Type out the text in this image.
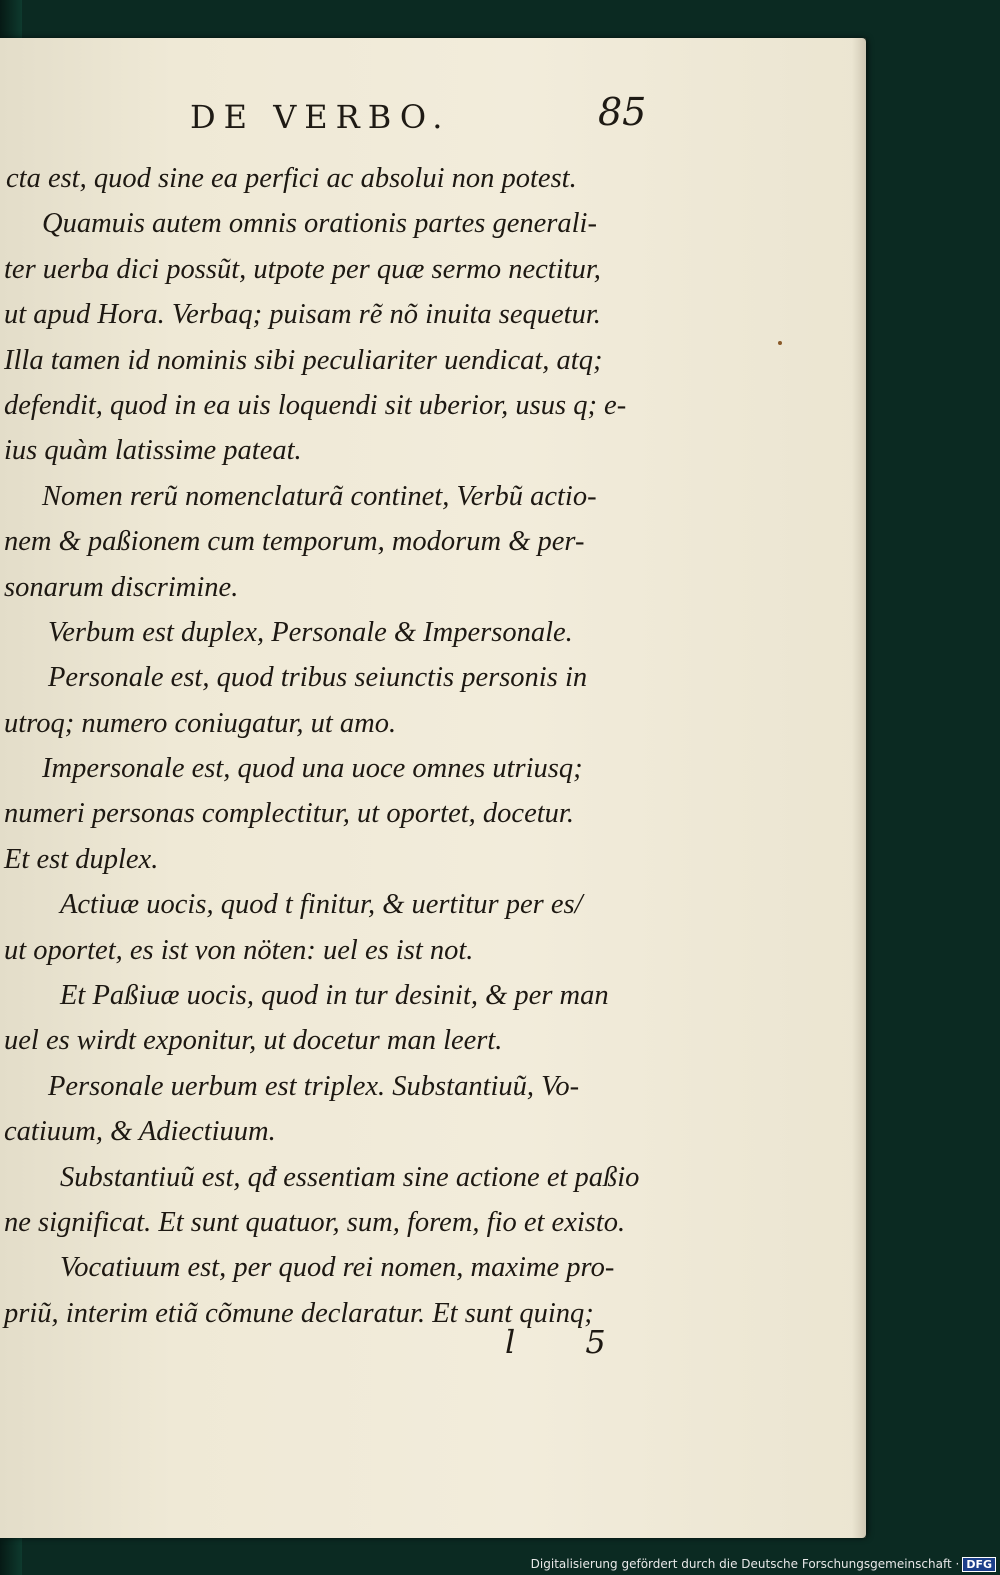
DE VERBO.	85
cta est, quod sine ea perfici ac absolui non potest.
Quamuis autem omnis orationis partes generali-
ter uerba dici possũt, utpote per quæ sermo nectitur,
ut apud Hora. Verbaq; puisam rẽ nõ inuita sequetur.
Illa tamen id nominis sibi peculiariter uendicat, atq;
defendit, quod in ea uis loquendi sit uberior, usus q; e-
ius quàm latissime pateat.
Nomen rerũ nomenclaturã continet, Verbũ actio-
nem & paßionem cum temporum, modorum & per-
sonarum discrimine.
Verbum est duplex, Personale & Impersonale.
Personale est, quod tribus seiunctis personis in
utroq; numero coniugatur, ut amo.
Impersonale est, quod una uoce omnes utriusq;
numeri personas complectitur, ut oportet, docetur.
Et est duplex.
Actiuæ uocis, quod t finitur, & uertitur per es/
ut oportet, es ist von nöten: uel es ist not.
Et Paßiuæ uocis, quod in tur desinit, & per man
uel es wirdt exponitur, ut docetur man leert.
Personale uerbum est triplex. Substantiuũ, Vo-
catiuum, & Adiectiuum.
Substantiuũ est, qđ essentiam sine actione et paßio
ne significat. Et sunt quatuor, sum, forem, fio et existo.
Vocatiuum est, per quod rei nomen, maxime pro-
priũ, interim etiã cõmune declaratur. Et sunt quinq;
l 5
Digitalisierung gefördert durch die Deutsche Forschungsgemeinschaft · DFG
